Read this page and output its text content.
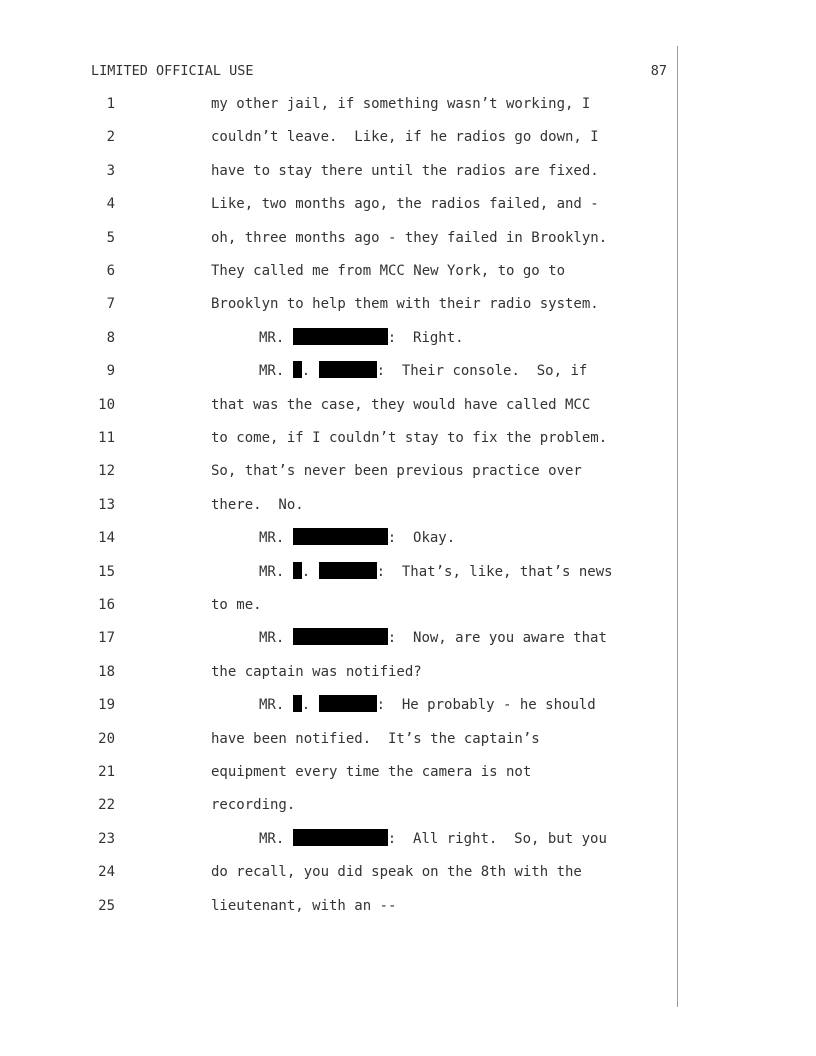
LIMITED OFFICIAL USE	87
1	my other jail, if something wasn’t working, I
2	couldn’t leave.  Like, if he radios go down, I
3	have to stay there until the radios are fixed.
4	Like, two months ago, the radios failed, and -
5	oh, three months ago - they failed in Brooklyn.
6	They called me from MCC New York, to go to
7	Brooklyn to help them with their radio system.
8	MR.	:  Right.
9	MR. .	:  Their console.  So, if
10	that was the case, they would have called MCC
11	to come, if I couldn’t stay to fix the problem.
12	So, that’s never been previous practice over
13	there.  No.
14	MR.	:  Okay.
15	MR. .	:  That’s, like, that’s news
16	to me.
17	MR.	:  Now, are you aware that
18	the captain was notified?
19	MR. .	:  He probably - he should
20	have been notified.  It’s the captain’s
21	equipment every time the camera is not
22	recording.
23	MR.	:  All right.  So, but you
24	do recall, you did speak on the 8th with the
25	lieutenant, with an --
